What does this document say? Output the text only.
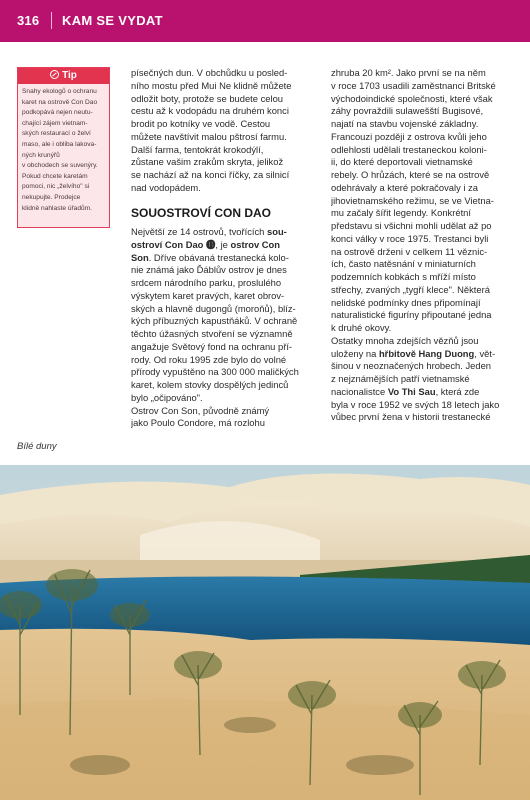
316 KAM SE VYDAT
Tip
Snahy ekologů o ochranu
karet na ostrově Con Dao
podkopává nejen neutu-
chající zájem vietnam-
ských restaurací o želví
maso, ale i obliba lakova-
ných krunýřů
v obchodech se suvenýry.
Pokud chcete karetám
pomoci, nic „želvího" si
nekupujte. Prodejce
klidně nahlaste úřadům.
Bílé duny
písečných dun. V obchůdku u posled-
ního mostu před Mui Ne klidně můžete
odložit boty, protože se budete celou
cestu až k vodopádu na druhém konci
brodit po kotníky ve vodě. Cestou
můžete navštívit malou pštrosí farmu.
Další farma, tentokrát krokodýlí,
zůstane vašim zrakům skryta, jelikož
se nachází až na konci říčky, za silnicí
nad vodopádem.
SOUOSTROVÍ CON DAO
Největší ze 14 ostrovů, tvořících sou-
ostroví Con Dao ⓭, je ostrov Con
Son. Dříve obávaná trestanecká kolo-
nie známá jako Ďáblův ostrov je dnes
srdcem národního parku, proslulého
výskytem karet pravých, karet obrov-
ských a hlavně dugongů (moroňů), blíz-
kých příbuzných kapustňáků. V ochraně
těchto úžasných stvoření se významně
angažuje Světový fond na ochranu pří-
rody. Od roku 1995 zde bylo do volné
přírody vypuštěno na 300 000 maličkých
karet, kolem stovky dospělých jedinců
bylo „očipováno".
Ostrov Con Son, původně známý
jako Poulo Condore, má rozlohu
zhruba 20 km². Jako první se na něm
v roce 1703 usadili zaměstnanci Britské
východoindické společnosti, které však
záhy povraždili sulawešští Bugisové,
najatí na stavbu vojenské základny.
Francouzi později z ostrova kvůli jeho
odlehlosti udělali trestaneckou koloni-
ii, do které deportovali vietnamské
rebely. O hrůzách, které se na ostrově
odehrávaly a které pokračovaly i za
jihovietnamského režimu, se ve Vietna-
mu začaly šířit legendy. Konkrétní
představu si všichni mohli udělat až po
konci války v roce 1975. Trestanci byli
na ostrově drženi v celkem 11 věznic-
ích, často natěsnání v miniaturních
podzemních kobkách s mříží místo
střechy, zvaných „tygří klece". Některá
nelidské podmínky dnes připomínají
naturalistické figuríny připoutané jedna
k druhé okovy.
Ostatky mnoha zdejších vězňů jsou
uloženy na hřbitově Hang Duong, vět-
šinou v neoznačených hrobech. Jeden
z nejznámějších patří vietnamské
nacionalistce Vo Thi Sau, která zde
byla v roce 1952 ve svých 18 letech jako
vůbec první žena v historii trestanecké
